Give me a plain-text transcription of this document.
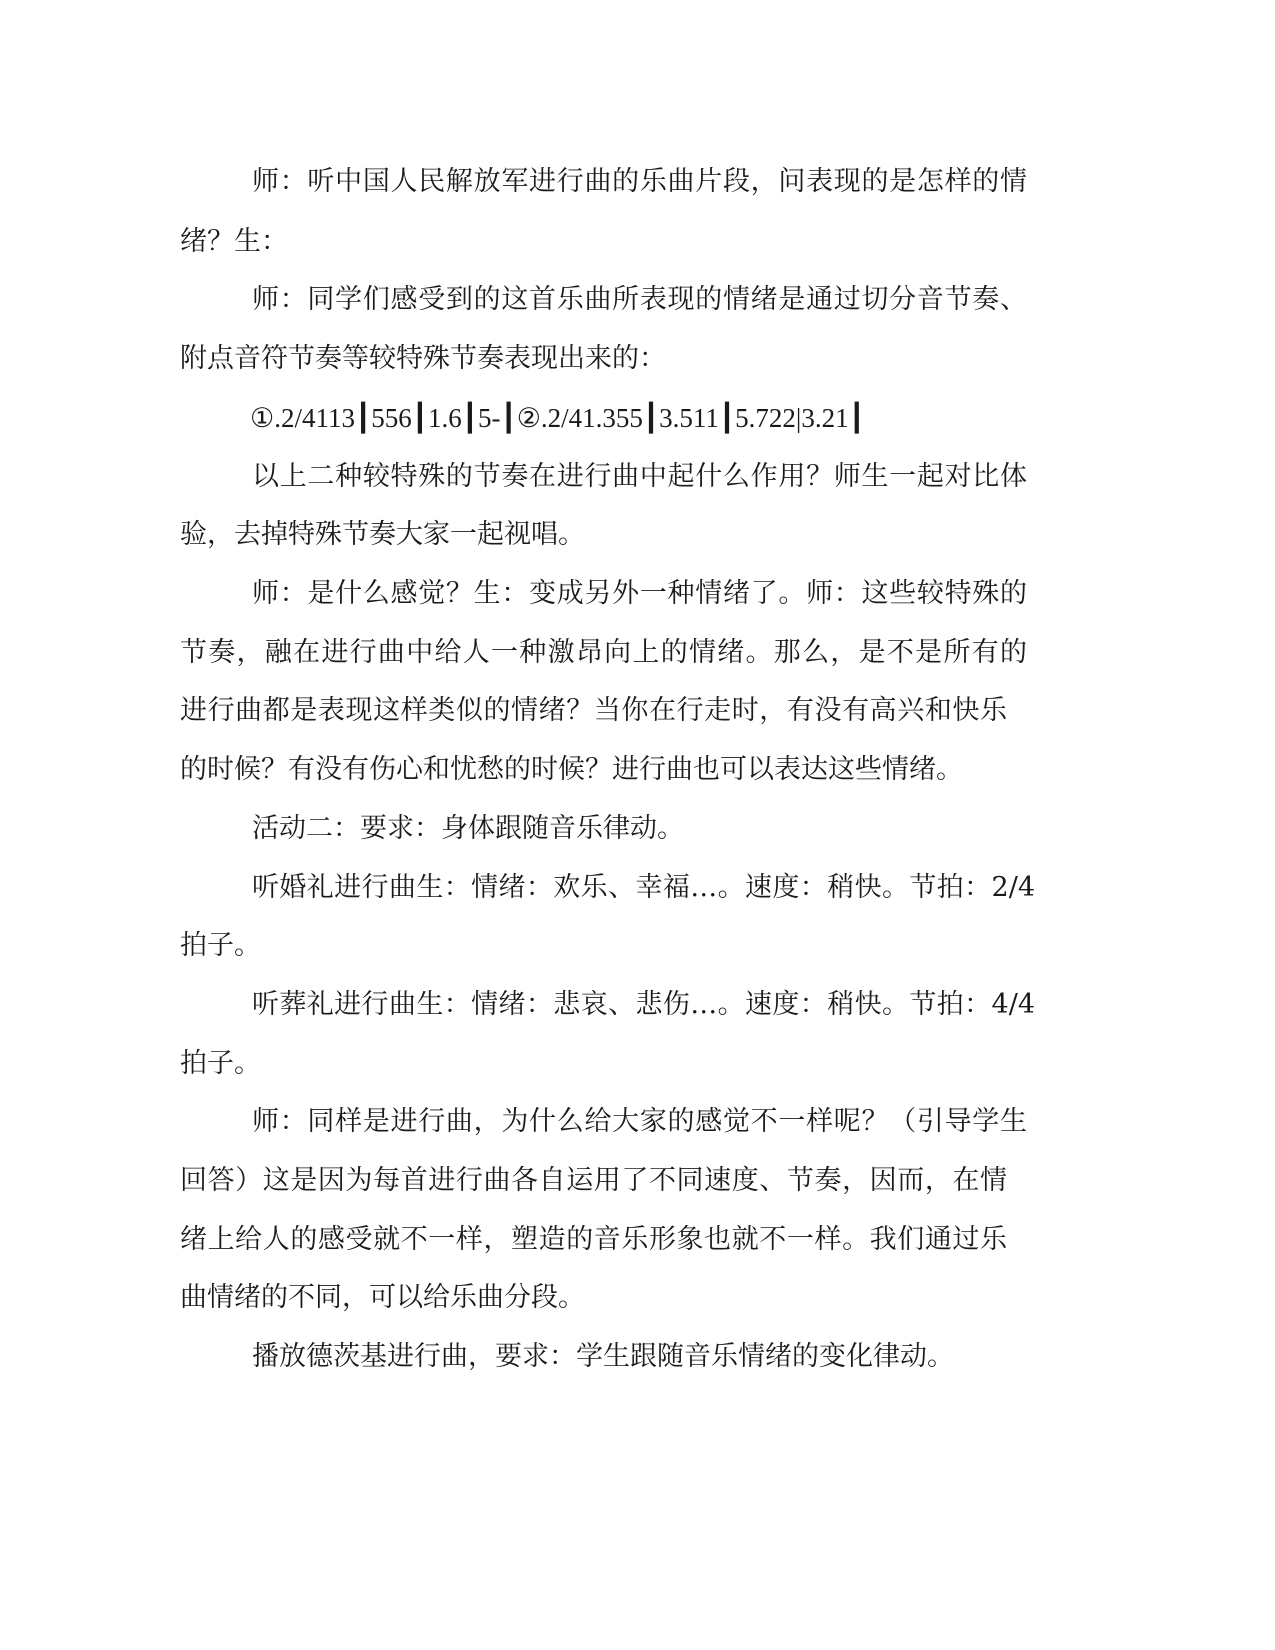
师：听中国人民解放军进行曲的乐曲片段，问表现的是怎样的情
绪？生：
师：同学们感受到的这首乐曲所表现的情绪是通过切分音节奏、
附点音符节奏等较特殊节奏表现出来的：
①.2/4113┃556┃1.6┃5-┃②.2/41.355┃3.511┃5.722|3.21┃
以上二种较特殊的节奏在进行曲中起什么作用？师生一起对比体
验，去掉特殊节奏大家一起视唱。
师：是什么感觉？生：变成另外一种情绪了。师：这些较特殊的
节奏，融在进行曲中给人一种激昂向上的情绪。那么，是不是所有的
进行曲都是表现这样类似的情绪？当你在行走时，有没有高兴和快乐
的时候？有没有伤心和忧愁的时候？进行曲也可以表达这些情绪。
活动二：要求：身体跟随音乐律动。
听婚礼进行曲生：情绪：欢乐、幸福…。速度：稍快。节拍：2/4
拍子。
听葬礼进行曲生：情绪：悲哀、悲伤…。速度：稍快。节拍：4/4
拍子。
师：同样是进行曲，为什么给大家的感觉不一样呢？（引导学生
回答）这是因为每首进行曲各自运用了不同速度、节奏，因而，在情
绪上给人的感受就不一样，塑造的音乐形象也就不一样。我们通过乐
曲情绪的不同，可以给乐曲分段。
播放德茨基进行曲，要求：学生跟随音乐情绪的变化律动。
